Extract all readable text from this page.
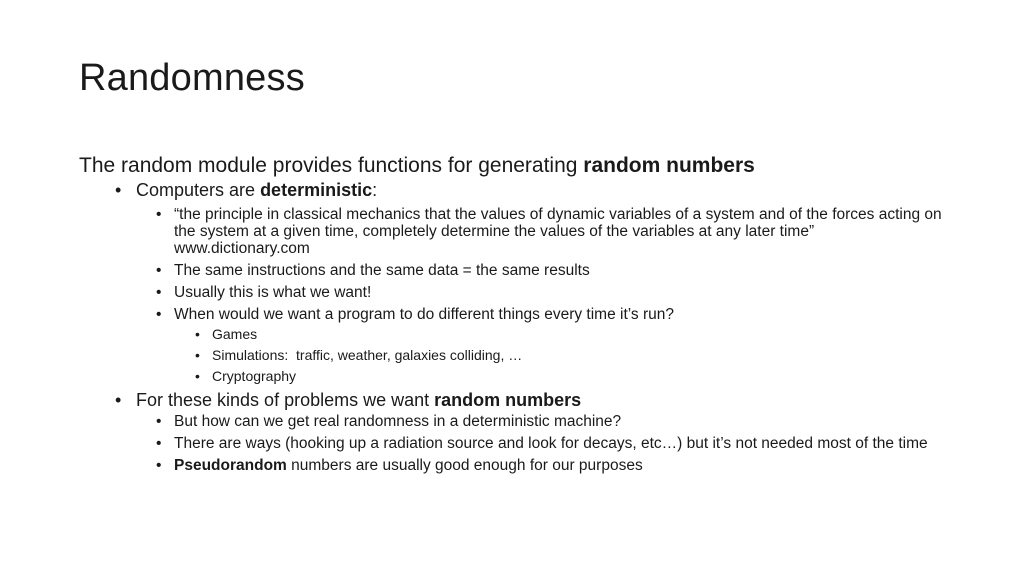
Randomness

The random module provides functions for generating random numbers

• Computers are deterministic:
• “the principle in classical mechanics that the values of dynamic variables of a system and of the forces acting on the system at a given time, completely determine the values of the variables at any later time” www.dictionary.com
• The same instructions and the same data = the same results
• Usually this is what we want!
• When would we want a program to do different things every time it’s run?
• Games
• Simulations:  traffic, weather, galaxies colliding, …
• Cryptography
• For these kinds of problems we want random numbers
• But how can we get real randomness in a deterministic machine?
• There are ways (hooking up a radiation source and look for decays, etc…) but it’s not needed most of the time
• Pseudorandom numbers are usually good enough for our purposes
